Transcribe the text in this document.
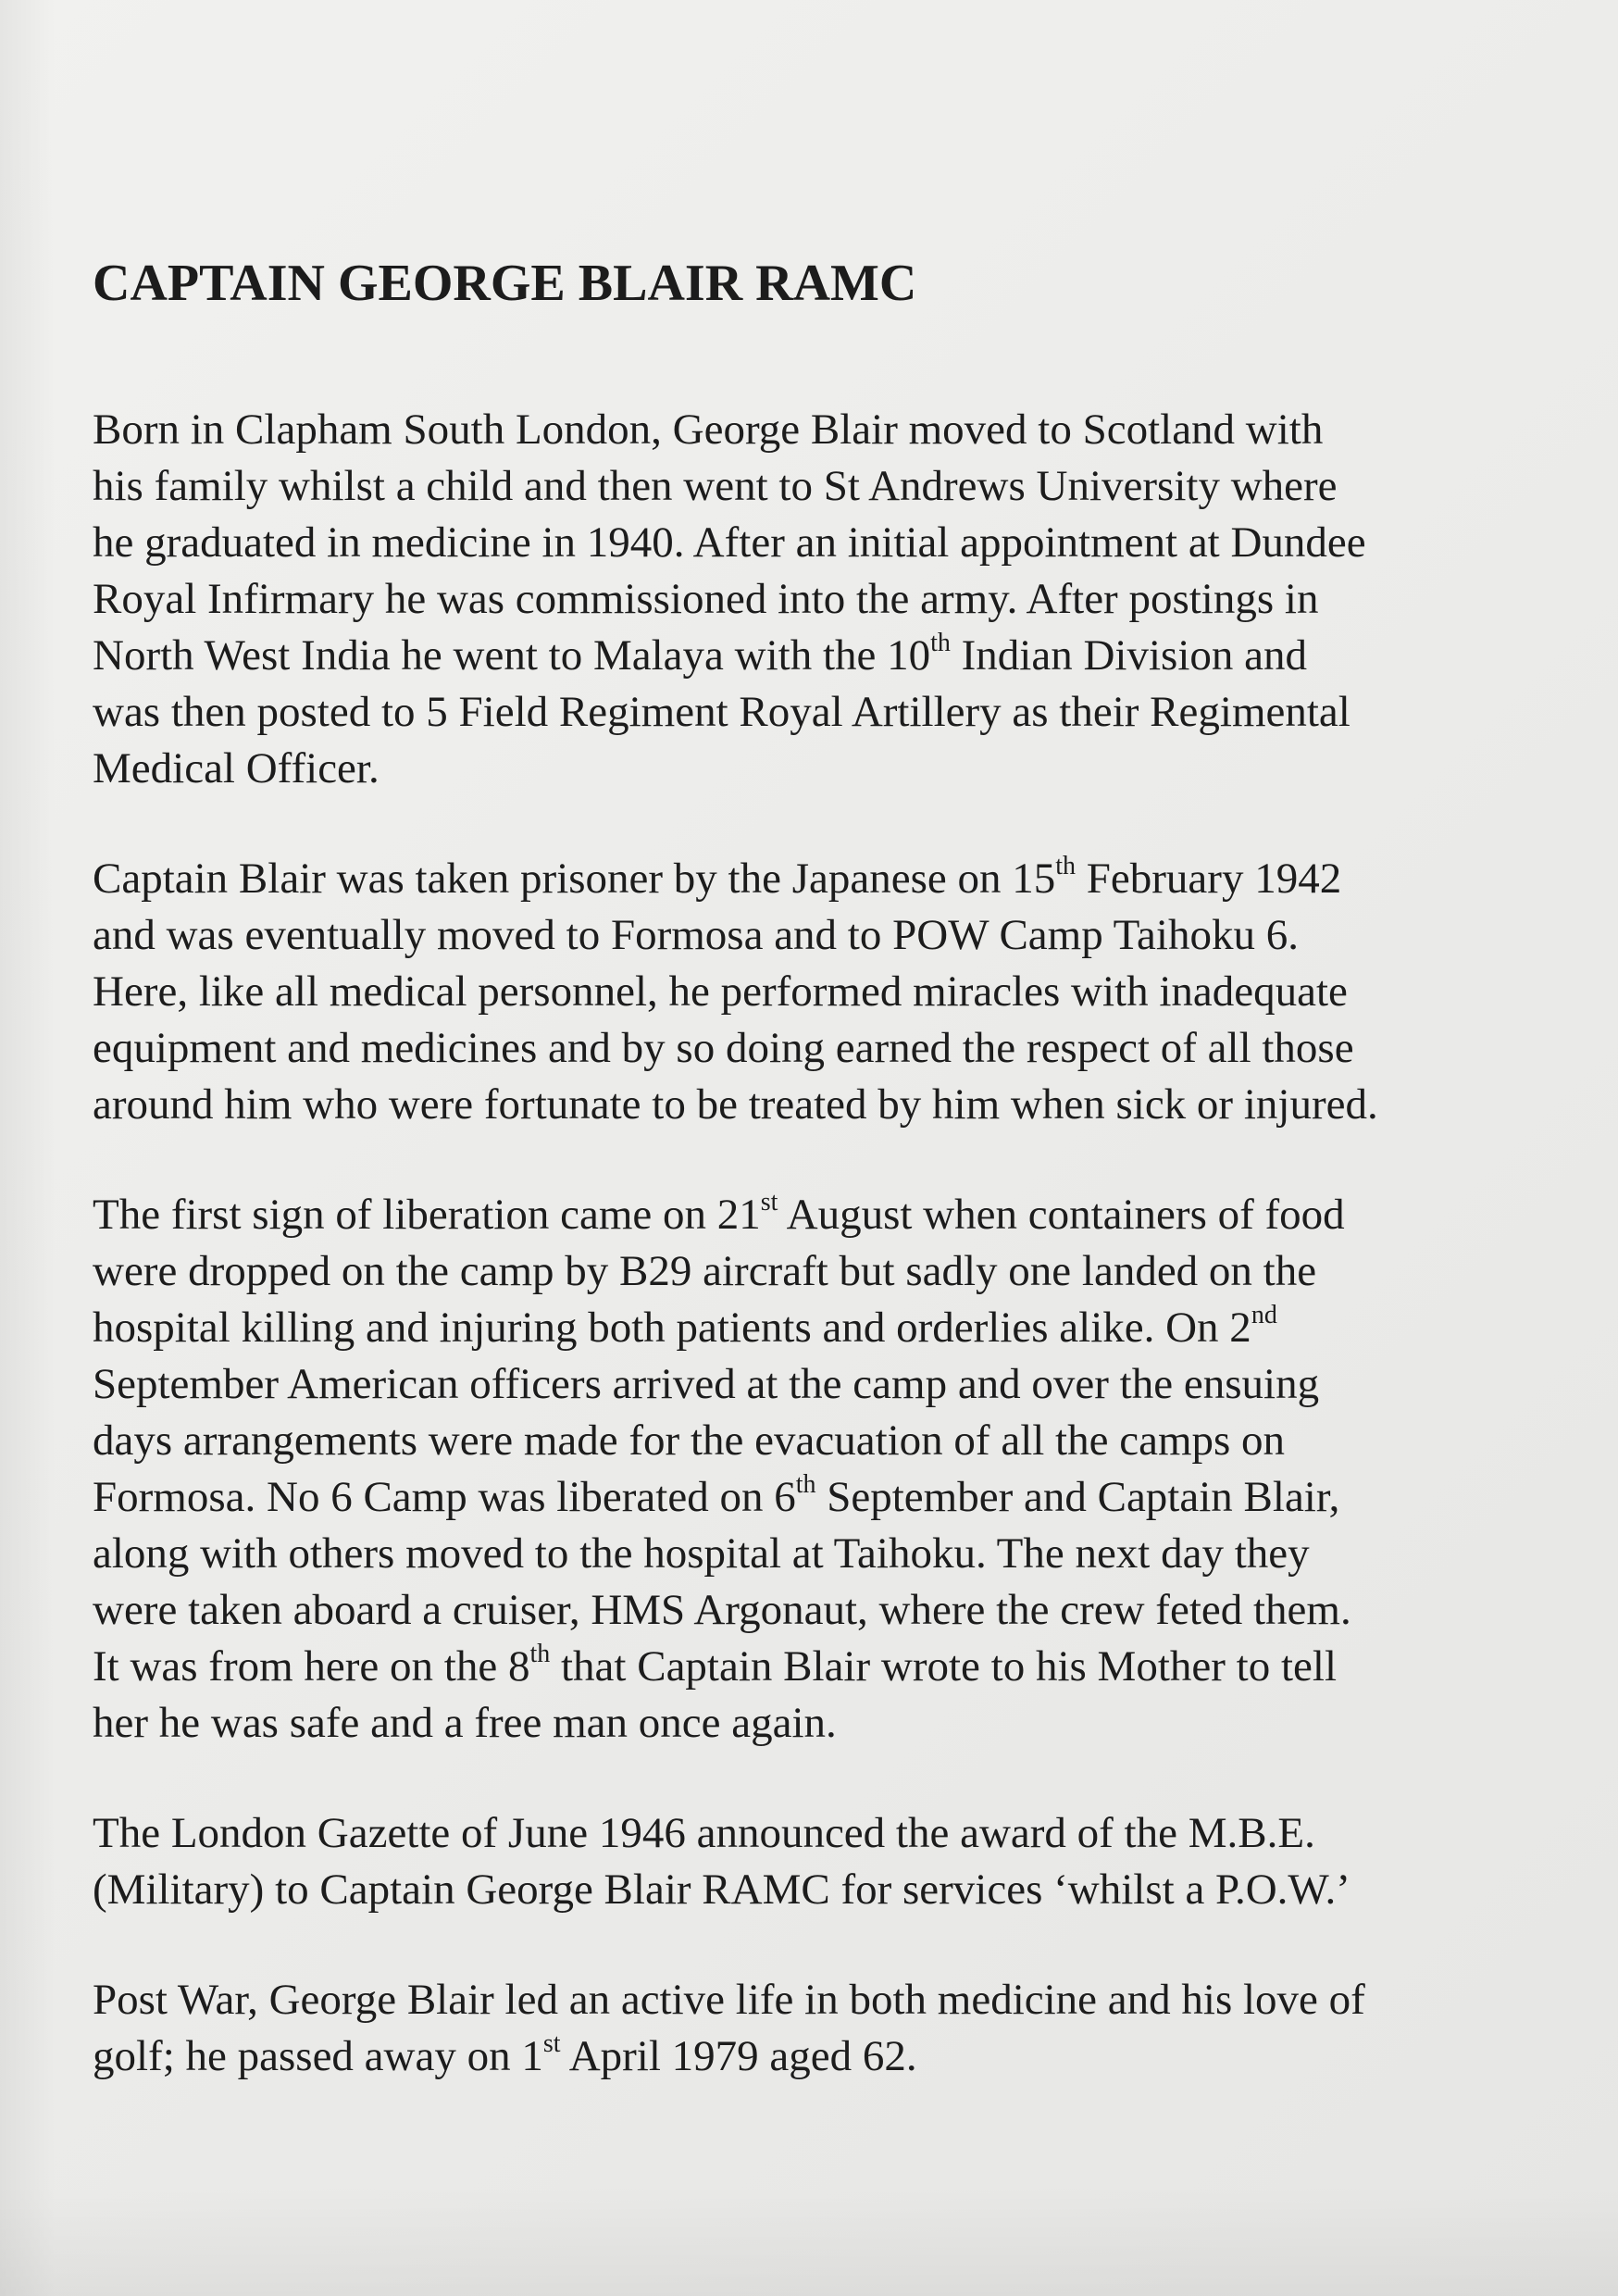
CAPTAIN GEORGE BLAIR RAMC

Born in Clapham South London, George Blair moved to Scotland with
his family whilst a child and then went to St Andrews University where
he graduated in medicine in 1940. After an initial appointment at Dundee
Royal Infirmary he was commissioned into the army. After postings in
North West India he went to Malaya with the 10th Indian Division and
was then posted to 5 Field Regiment Royal Artillery as their Regimental
Medical Officer.

Captain Blair was taken prisoner by the Japanese on 15th February 1942
and was eventually moved to Formosa and to POW Camp Taihoku 6.
Here, like all medical personnel, he performed miracles with inadequate
equipment and medicines and by so doing earned the respect of all those
around him who were fortunate to be treated by him when sick or injured.

The first sign of liberation came on 21st August when containers of food
were dropped on the camp by B29 aircraft but sadly one landed on the
hospital killing and injuring both patients and orderlies alike. On 2nd
September American officers arrived at the camp and over the ensuing
days arrangements were made for the evacuation of all the camps on
Formosa. No 6 Camp was liberated on 6th September and Captain Blair,
along with others moved to the hospital at Taihoku. The next day they
were taken aboard a cruiser, HMS Argonaut, where the crew feted them.
It was from here on the 8th that Captain Blair wrote to his Mother to tell
her he was safe and a free man once again.

The London Gazette of June 1946 announced the award of the M.B.E.
(Military) to Captain George Blair RAMC for services ‘whilst a P.O.W.’

Post War, George Blair led an active life in both medicine and his love of
golf; he passed away on 1st April 1979 aged 62.
